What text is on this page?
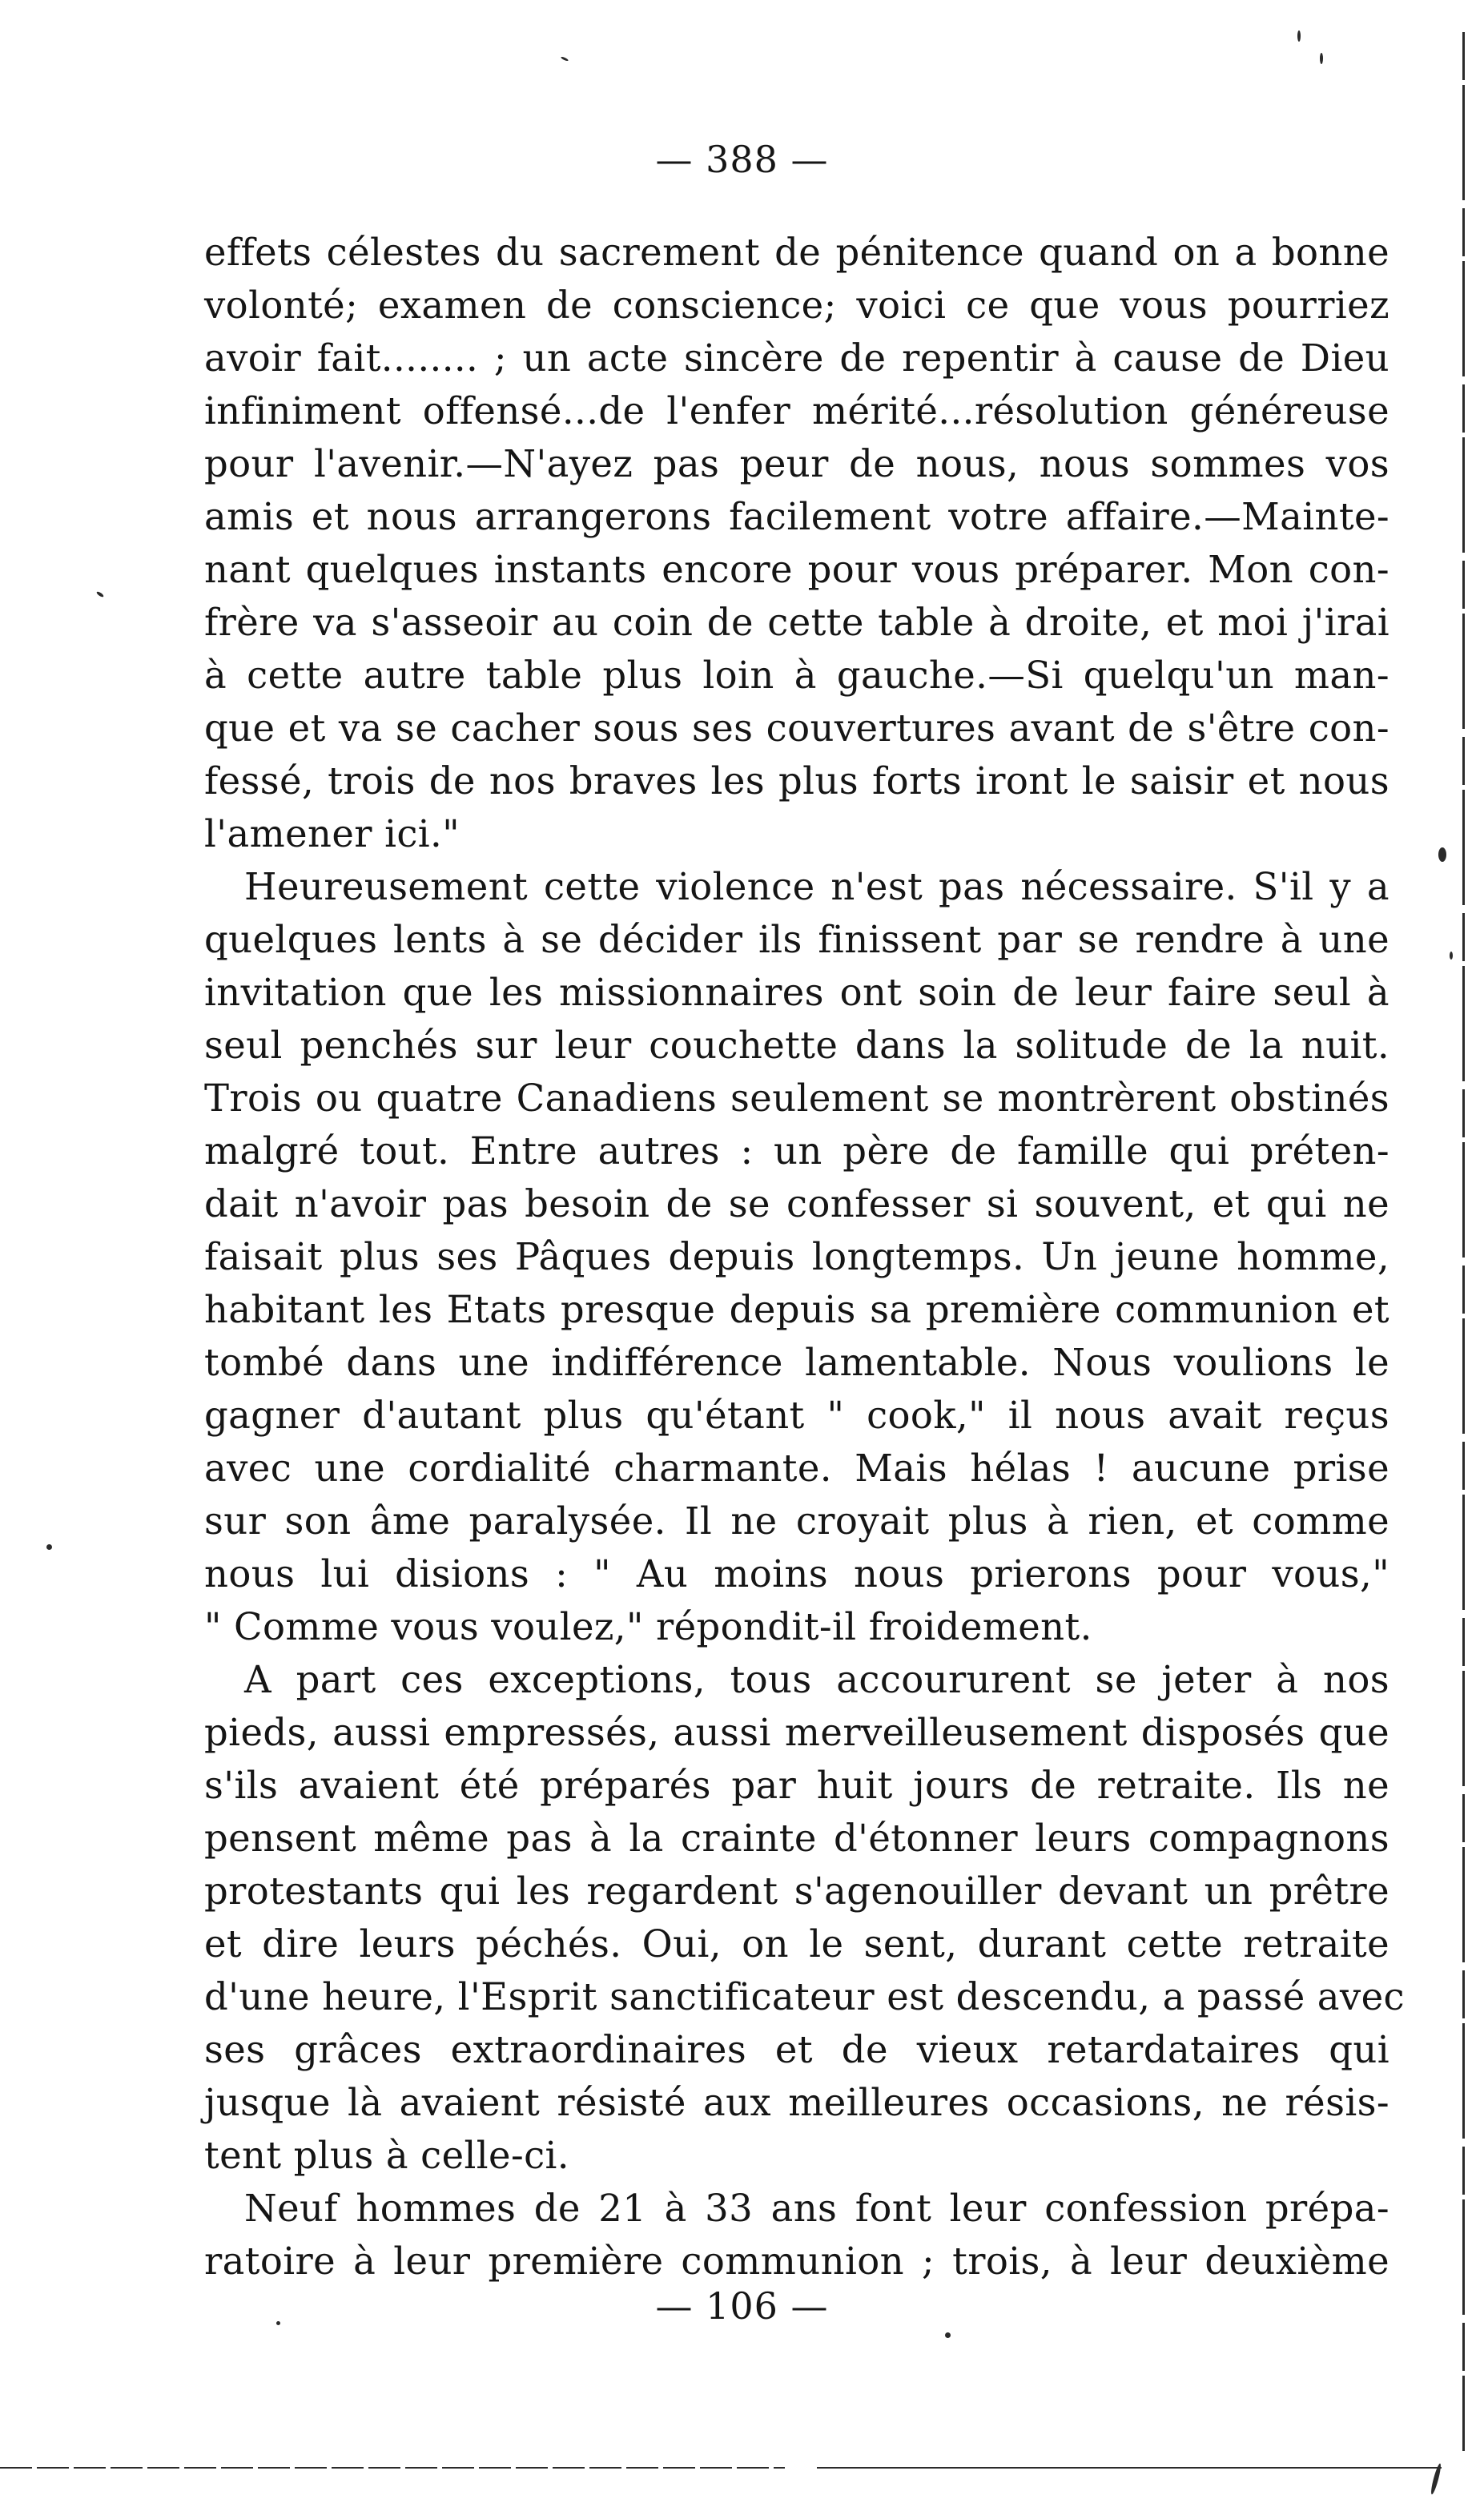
— 388 —
effets célestes du sacrement de pénitence quand on a bonne
volonté; examen de conscience; voici ce que vous pourriez
avoir fait........ ; un acte sincère de repentir à cause de Dieu
infiniment offensé...de l'enfer mérité...résolution généreuse
pour l'avenir.—N'ayez pas peur de nous, nous sommes vos
amis et nous arrangerons facilement votre affaire.—Mainte-
nant quelques instants encore pour vous préparer. Mon con-
frère va s'asseoir au coin de cette table à droite, et moi j'irai
à cette autre table plus loin à gauche.—Si quelqu'un man-
que et va se cacher sous ses couvertures avant de s'être con-
fessé, trois de nos braves les plus forts iront le saisir et nous
l'amener ici."
Heureusement cette violence n'est pas nécessaire. S'il y a
quelques lents à se décider ils finissent par se rendre à une
invitation que les missionnaires ont soin de leur faire seul à
seul penchés sur leur couchette dans la solitude de la nuit.
Trois ou quatre Canadiens seulement se montrèrent obstinés
malgré tout. Entre autres : un père de famille qui préten-
dait n'avoir pas besoin de se confesser si souvent, et qui ne
faisait plus ses Pâques depuis longtemps. Un jeune homme,
habitant les Etats presque depuis sa première communion et
tombé dans une indifférence lamentable. Nous voulions le
gagner d'autant plus qu'étant " cook," il nous avait reçus
avec une cordialité charmante. Mais hélas ! aucune prise
sur son âme paralysée. Il ne croyait plus à rien, et comme
nous lui disions : " Au moins nous prierons pour vous,"
" Comme vous voulez," répondit-il froidement.
A part ces exceptions, tous accoururent se jeter à nos
pieds, aussi empressés, aussi merveilleusement disposés que
s'ils avaient été préparés par huit jours de retraite. Ils ne
pensent même pas à la crainte d'étonner leurs compagnons
protestants qui les regardent s'agenouiller devant un prêtre
et dire leurs péchés. Oui, on le sent, durant cette retraite
d'une heure, l'Esprit sanctificateur est descendu, a passé avec
ses grâces extraordinaires et de vieux retardataires qui
jusque là avaient résisté aux meilleures occasions, ne résis-
tent plus à celle-ci.
Neuf hommes de 21 à 33 ans font leur confession prépa-
ratoire à leur première communion ; trois, à leur deuxième
— 106 —
